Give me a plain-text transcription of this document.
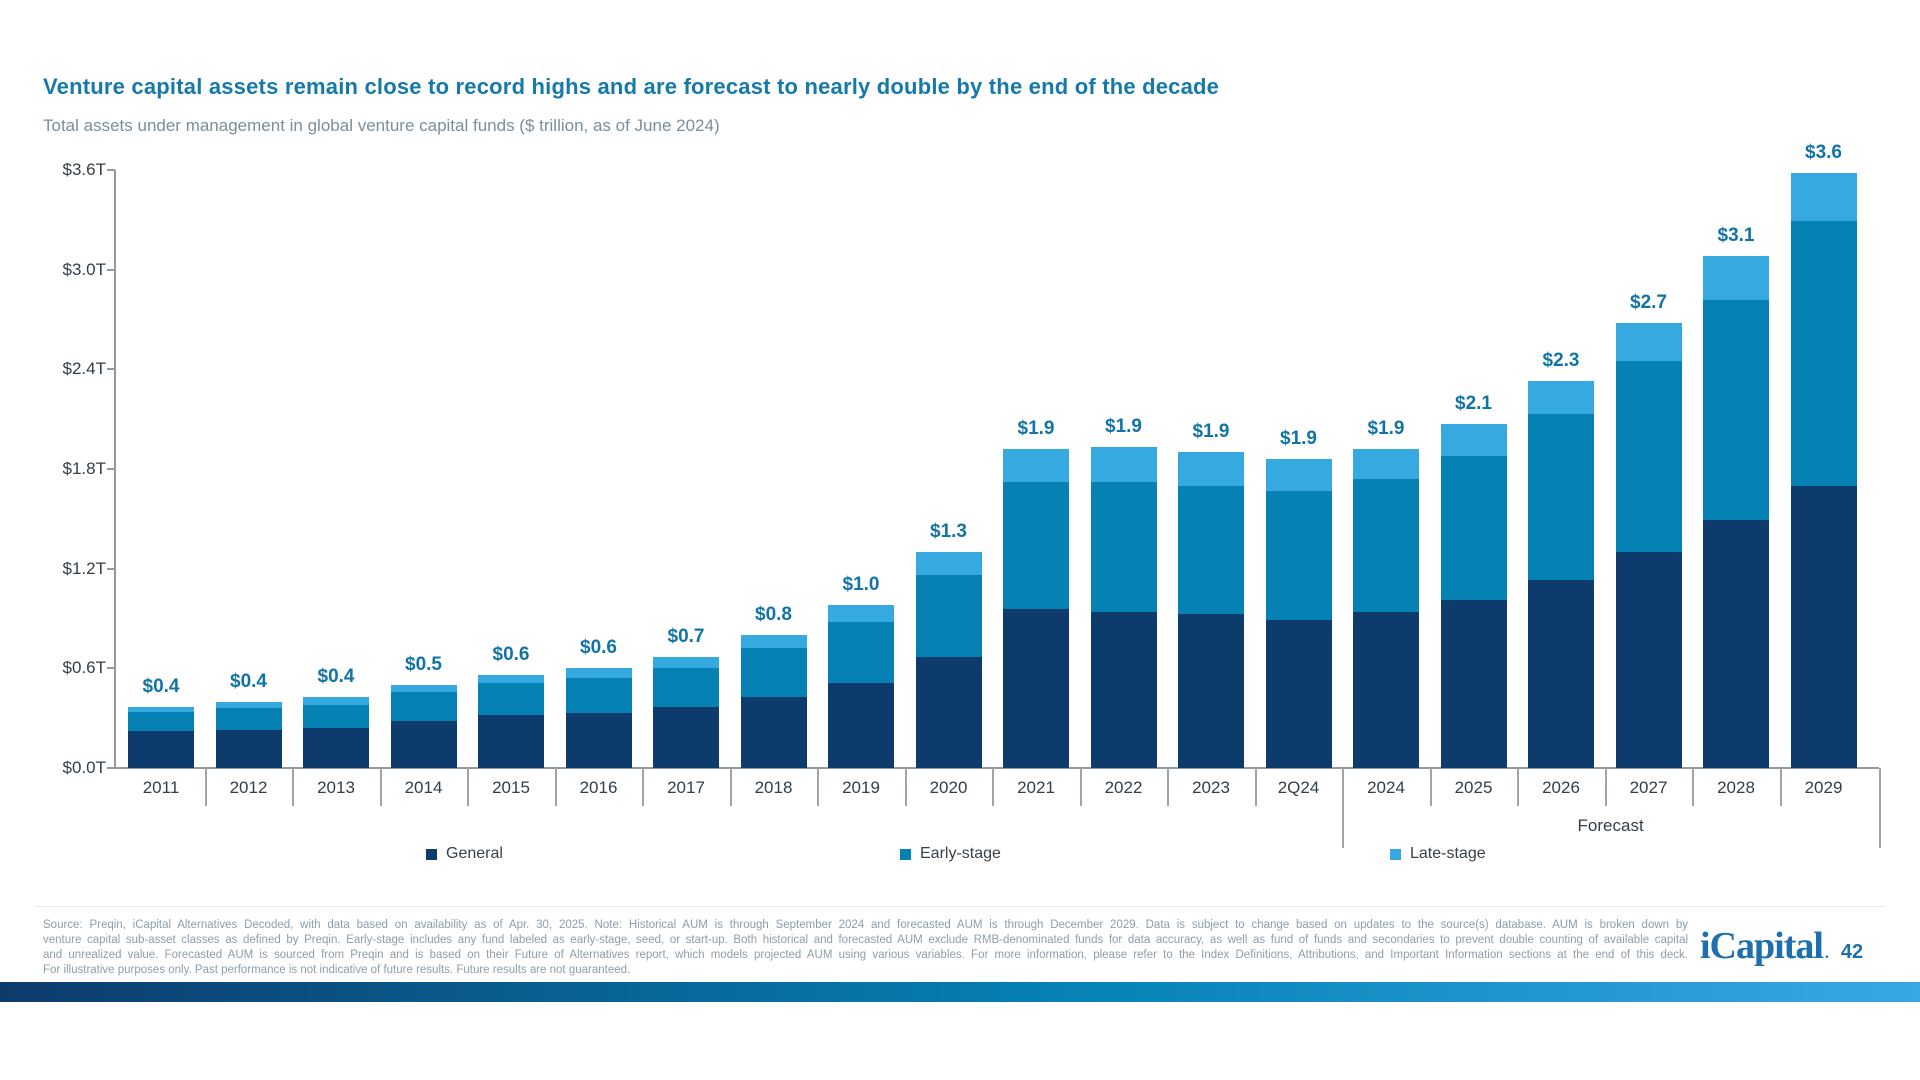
Venture capital assets remain close to record highs and are forecast to nearly double by the end of the decade
Total assets under management in global venture capital funds ($ trillion, as of June 2024)
$0.0T
$0.6T
$1.2T
$1.8T
$2.4T
$3.0T
$3.6T
$0.4
2011
$0.4
2012
$0.4
2013
$0.5
2014
$0.6
2015
$0.6
2016
$0.7
2017
$0.8
2018
$1.0
2019
$1.3
2020
$1.9
2021
$1.9
2022
$1.9
2023
$1.9
2Q24
$1.9
2024
$2.1
2025
$2.3
2026
$2.7
2027
$3.1
2028
$3.6
2029
Forecast
General	Early-stage	Late-stage
Source: Preqin, iCapital Alternatives Decoded, with data based on availability as of Apr. 30, 2025. Note: Historical AUM is through September 2024 and forecasted AUM is through December 2029. Data is subject to change based on updates to the source(s) database. AUM is broken down by
venture capital sub-asset classes as defined by Preqin. Early-stage includes any fund labeled as early-stage, seed, or start-up. Both historical and forecasted AUM exclude RMB-denominated funds for data accuracy, as well as fund of funds and secondaries to prevent double counting of available capital
and unrealized value. Forecasted AUM is sourced from Preqin and is based on their Future of Alternatives report, which models projected AUM using various variables. For more information, please refer to the Index Definitions, Attributions, and Important Information sections at the end of this deck.
For illustrative purposes only. Past performance is not indicative of future results. Future results are not guaranteed.
iCapital . 42
